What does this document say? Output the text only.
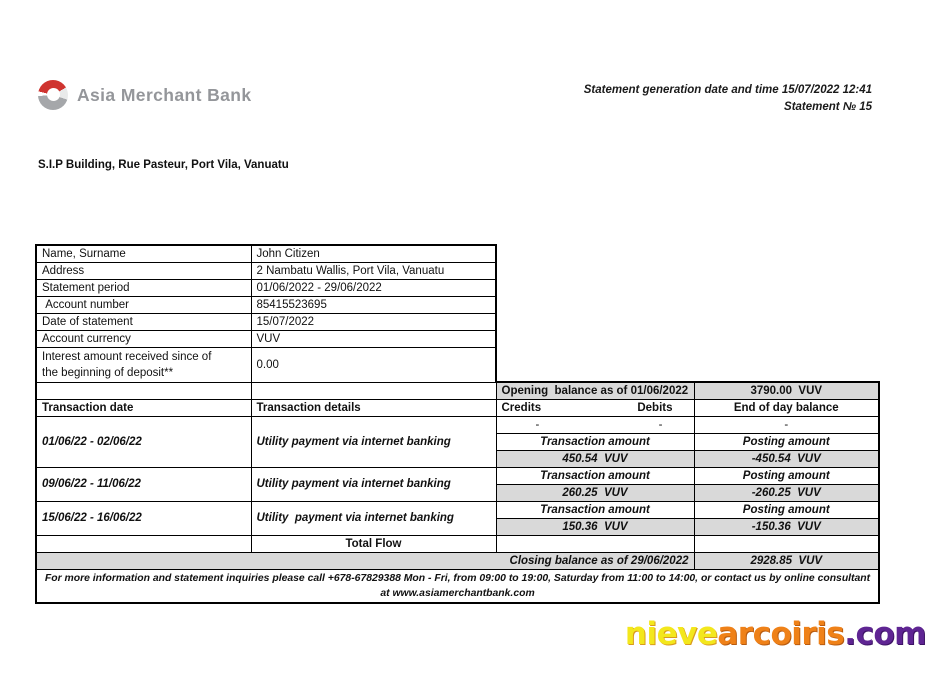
Asia Merchant Bank	Statement generation date and time 15/07/2022 12:41
Statement № 15
S.I.P Building, Rue Pasteur, Port Vila, Vanuatu
Name, Surname	John Citizen		
Address	2 Nambatu Wallis, Port Vila, Vanuatu		
Statement period	01/06/2022 - 29/06/2022		
Account number	85415523695		
Date of statement	15/07/2022		
Account currency	VUV		

Interest amount received since of
the beginning of deposit**	0.00		
		Opening  balance as of 01/06/2022	3790.00  VUV
Transaction date	Transaction details	Credits Debits	End of day balance
01/06/22 - 02/06/22	Utility payment via internet banking	- -	-
		Transaction amount	Posting amount
		450.54  VUV	-450.54  VUV
09/06/22 - 11/06/22	Utility payment via internet banking	Transaction amount	Posting amount
		260.25  VUV	-260.25  VUV
15/06/22 - 16/06/22	Utility  payment via internet banking	Transaction amount	Posting amount
		150.36  VUV	-150.36  VUV
	Total Flow		
Closing balance as of 29/06/2022			2928.85  VUV

For more information and statement inquiries please call +678-67829388 Mon - Fri, from 09:00 to 19:00, Saturday from 11:00 to 14:00, or contact us by online consultant
at www.asiamerchantbank.com			
nievearcoiris.com
